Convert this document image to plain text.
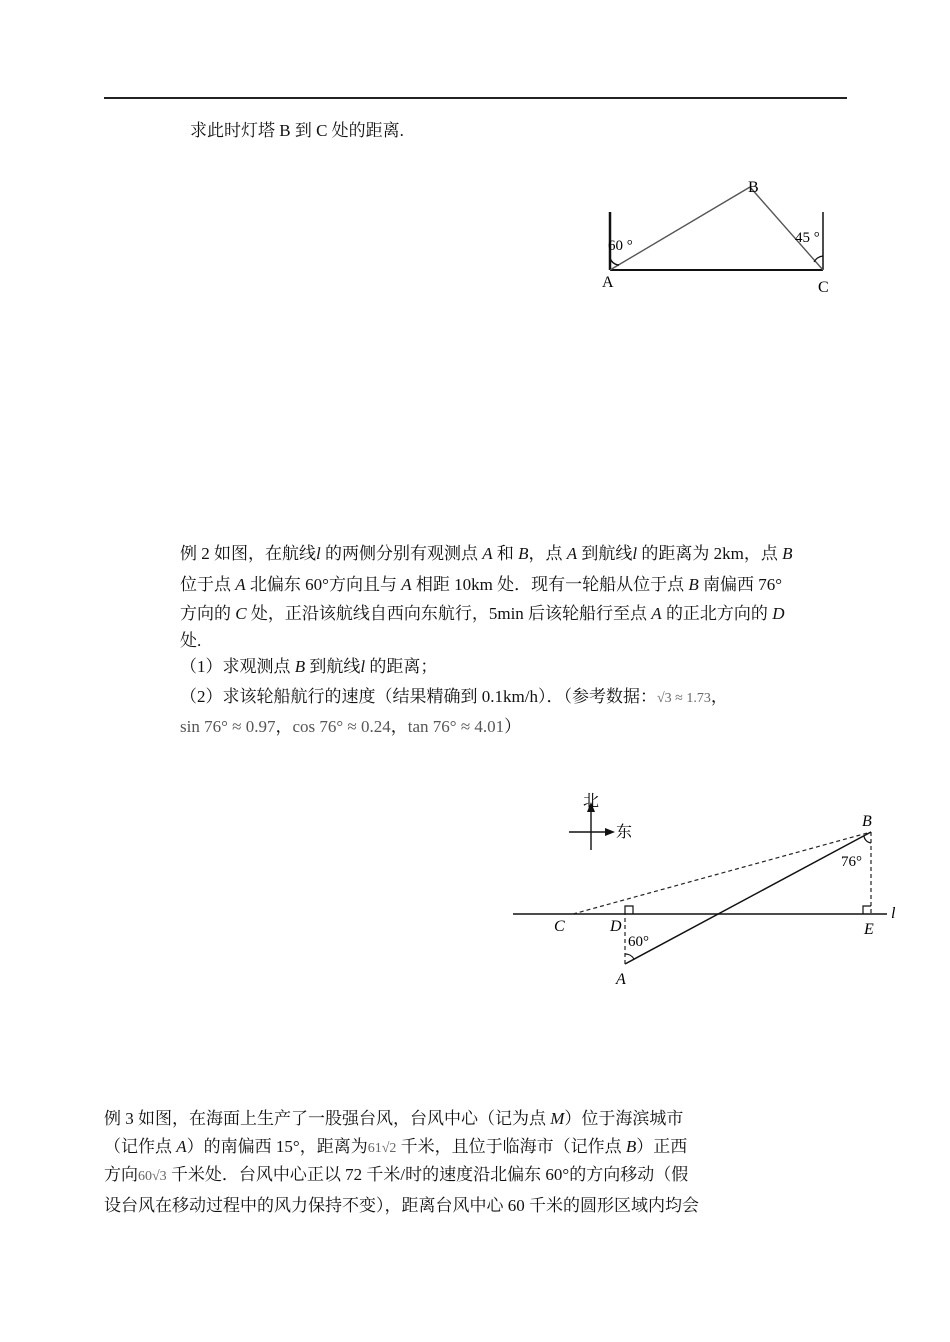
求此时灯塔 B 到 C 处的距离.
60 °	45 °
A
B
C
例 2 如图，在航线l 的两侧分别有观测点 A 和 B，点 A 到航线l 的距离为 2km，点 B
位于点 A 北偏东 60°方向且与 A 相距 10km 处．现有一轮船从位于点 B 南偏西 76°
方向的 C 处，正沿该航线自西向东航行，5min 后该轮船行至点 A 的正北方向的 D
处.
（1）求观测点 B 到航线l 的距离；
（2）求该轮船航行的速度（结果精确到 0.1km/h）．（参考数据：√3 ≈ 1.73，
sin 76° ≈ 0.97，cos 76° ≈ 0.24，tan 76° ≈ 4.01）
北
东
B
76°
C	D
60°
E
l
A
例 3 如图，在海面上生产了一股强台风，台风中心（记为点 M）位于海滨城市
（记作点 A）的南偏西 15°，距离为61√2 千米，且位于临海市（记作点 B）正西
方向60√3 千米处．台风中心正以 72 千米/时的速度沿北偏东 60°的方向移动（假
设台风在移动过程中的风力保持不变），距离台风中心 60 千米的圆形区域内均会
